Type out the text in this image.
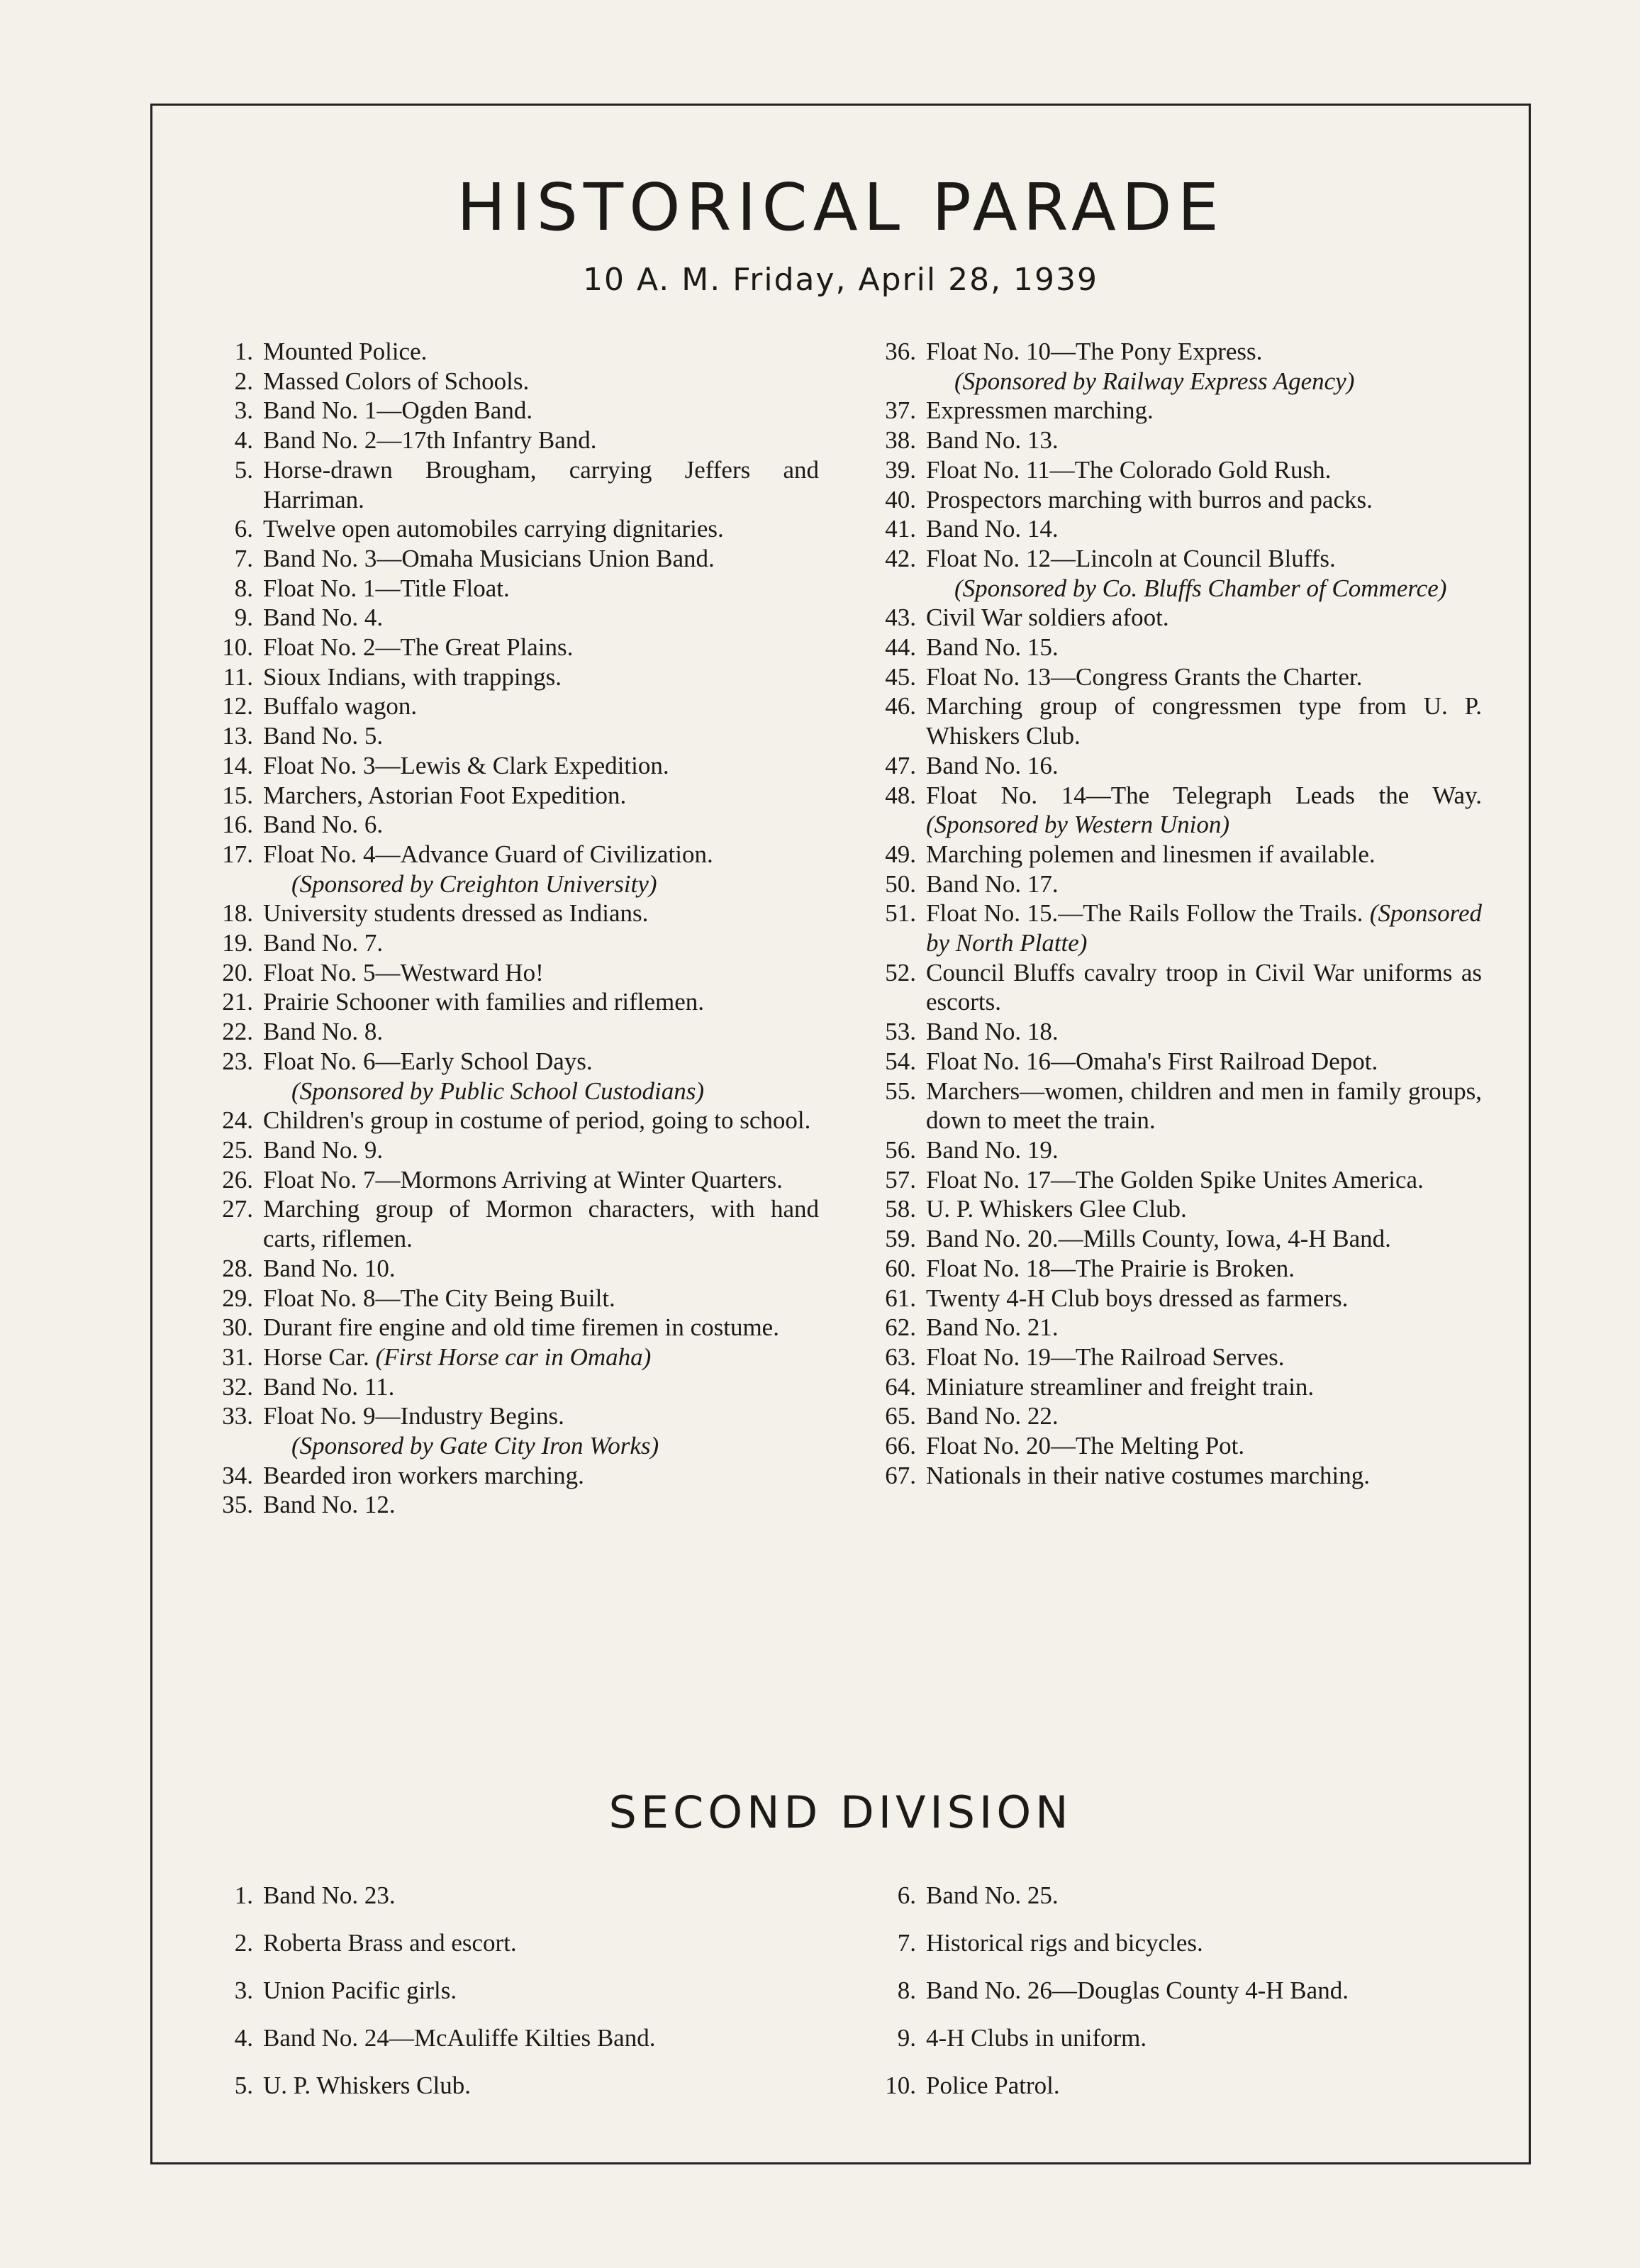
HISTORICAL PARADE
10 A. M. Friday, April 28, 1939
1. Mounted Police.
2. Massed Colors of Schools.
3. Band No. 1—Ogden Band.
4. Band No. 2—17th Infantry Band.
5. Horse-drawn Brougham, carrying Jeffers and Harriman.
6. Twelve open automobiles carrying dignitaries.
7. Band No. 3—Omaha Musicians Union Band.
8. Float No. 1—Title Float.
9. Band No. 4.
10. Float No. 2—The Great Plains.
11. Sioux Indians, with trappings.
12. Buffalo wagon.
13. Band No. 5.
14. Float No. 3—Lewis & Clark Expedition.
15. Marchers, Astorian Foot Expedition.
16. Band No. 6.
17. Float No. 4—Advance Guard of Civilization.
(Sponsored by Creighton University)
18. University students dressed as Indians.
19. Band No. 7.
20. Float No. 5—Westward Ho!
21. Prairie Schooner with families and riflemen.
22. Band No. 8.
23. Float No. 6—Early School Days.
(Sponsored by Public School Custodians)
24. Children's group in costume of period, going to school.
25. Band No. 9.
26. Float No. 7—Mormons Arriving at Winter Quarters.
27. Marching group of Mormon characters, with hand carts, riflemen.
28. Band No. 10.
29. Float No. 8—The City Being Built.
30. Durant fire engine and old time firemen in costume.
31. Horse Car. (First Horse car in Omaha)
32. Band No. 11.
33. Float No. 9—Industry Begins.
(Sponsored by Gate City Iron Works)
34. Bearded iron workers marching.
35. Band No. 12.
36. Float No. 10—The Pony Express.
(Sponsored by Railway Express Agency)
37. Expressmen marching.
38. Band No. 13.
39. Float No. 11—The Colorado Gold Rush.
40. Prospectors marching with burros and packs.
41. Band No. 14.
42. Float No. 12—Lincoln at Council Bluffs.
(Sponsored by Co. Bluffs Chamber of Commerce)
43. Civil War soldiers afoot.
44. Band No. 15.
45. Float No. 13—Congress Grants the Charter.
46. Marching group of congressmen type from U. P. Whiskers Club.
47. Band No. 16.
48. Float No. 14—The Telegraph Leads the Way. (Sponsored by Western Union)
49. Marching polemen and linesmen if available.
50. Band No. 17.
51. Float No. 15.—The Rails Follow the Trails. (Sponsored by North Platte)
52. Council Bluffs cavalry troop in Civil War uniforms as escorts.
53. Band No. 18.
54. Float No. 16—Omaha's First Railroad Depot.
55. Marchers—women, children and men in family groups, down to meet the train.
56. Band No. 19.
57. Float No. 17—The Golden Spike Unites America.
58. U. P. Whiskers Glee Club.
59. Band No. 20.—Mills County, Iowa, 4-H Band.
60. Float No. 18—The Prairie is Broken.
61. Twenty 4-H Club boys dressed as farmers.
62. Band No. 21.
63. Float No. 19—The Railroad Serves.
64. Miniature streamliner and freight train.
65. Band No. 22.
66. Float No. 20—The Melting Pot.
67. Nationals in their native costumes marching.
SECOND DIVISION
1. Band No. 23.
2. Roberta Brass and escort.
3. Union Pacific girls.
4. Band No. 24—McAuliffe Kilties Band.
5. U. P. Whiskers Club.
6. Band No. 25.
7. Historical rigs and bicycles.
8. Band No. 26—Douglas County 4-H Band.
9. 4-H Clubs in uniform.
10. Police Patrol.
